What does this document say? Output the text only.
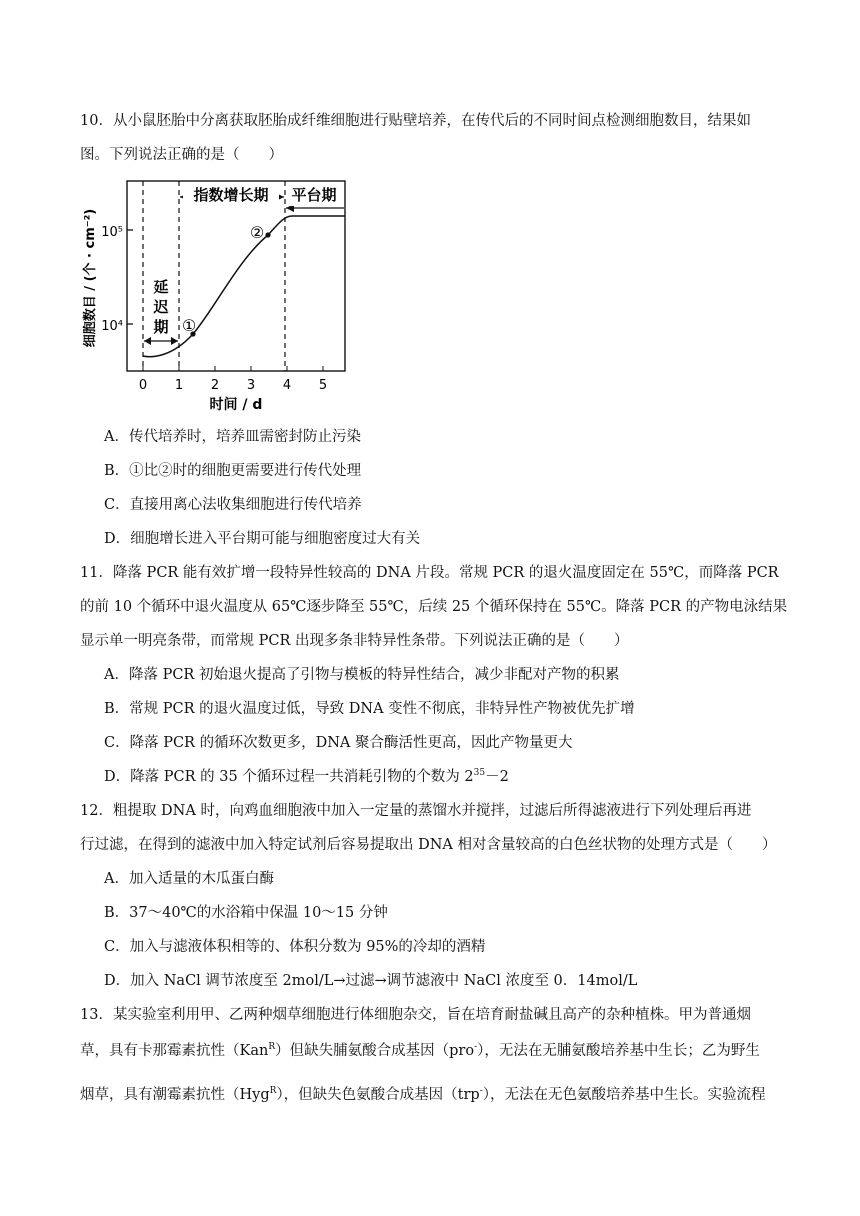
10．从小鼠胚胎中分离获取胚胎成纤维细胞进行贴壁培养，在传代后的不同时间点检测细胞数目，结果如
图。下列说法正确的是（　　）
指数增长期 平台期
延
迟
期 ①
②
10⁵
10⁴
细胞数目 / (个 · cm⁻²)
0 1 2 3 4 5
时间 / d
A．传代培养时，培养皿需密封防止污染
B．①比②时的细胞更需要进行传代处理
C．直接用离心法收集细胞进行传代培养
D．细胞增长进入平台期可能与细胞密度过大有关
11．降落 PCR 能有效扩增一段特异性较高的 DNA 片段。常规 PCR 的退火温度固定在 55℃，而降落 PCR
的前 10 个循环中退火温度从 65℃逐步降至 55℃，后续 25 个循环保持在 55℃。降落 PCR 的产物电泳结果
显示单一明亮条带，而常规 PCR 出现多条非特异性条带。下列说法正确的是（　　）
A．降落 PCR 初始退火提高了引物与模板的特异性结合，减少非配对产物的积累
B．常规 PCR 的退火温度过低，导致 DNA 变性不彻底，非特异性产物被优先扩增
C．降落 PCR 的循环次数更多，DNA 聚合酶活性更高，因此产物量更大
D．降落 PCR 的 35 个循环过程一共消耗引物的个数为 $2^{35}-2$
12．粗提取 DNA 时，向鸡血细胞液中加入一定量的蒸馏水并搅拌，过滤后所得滤液进行下列处理后再进
行过滤，在得到的滤液中加入特定试剂后容易提取出 DNA 相对含量较高的白色丝状物的处理方式是（　　）
A．加入适量的木瓜蛋白酶
B．37～40℃的水浴箱中保温 10～15 分钟
C．加入与滤液体积相等的、体积分数为 95%的冷却的酒精
D．加入 NaCl 调节浓度至 2mol/L→过滤→调节滤液中 NaCl 浓度至 0．14mol/L
13．某实验室利用甲、乙两种烟草细胞进行体细胞杂交，旨在培育耐盐碱且高产的杂种植株。甲为普通烟
草，具有卡那霉素抗性（Kan$^R$）但缺失脯氨酸合成基因（pro-），无法在无脯氨酸培养基中生长；乙为野生
烟草，具有潮霉素抗性（Hyg$^R$），但缺失色氨酸合成基因（trp-），无法在无色氨酸培养基中生长。实验流程
